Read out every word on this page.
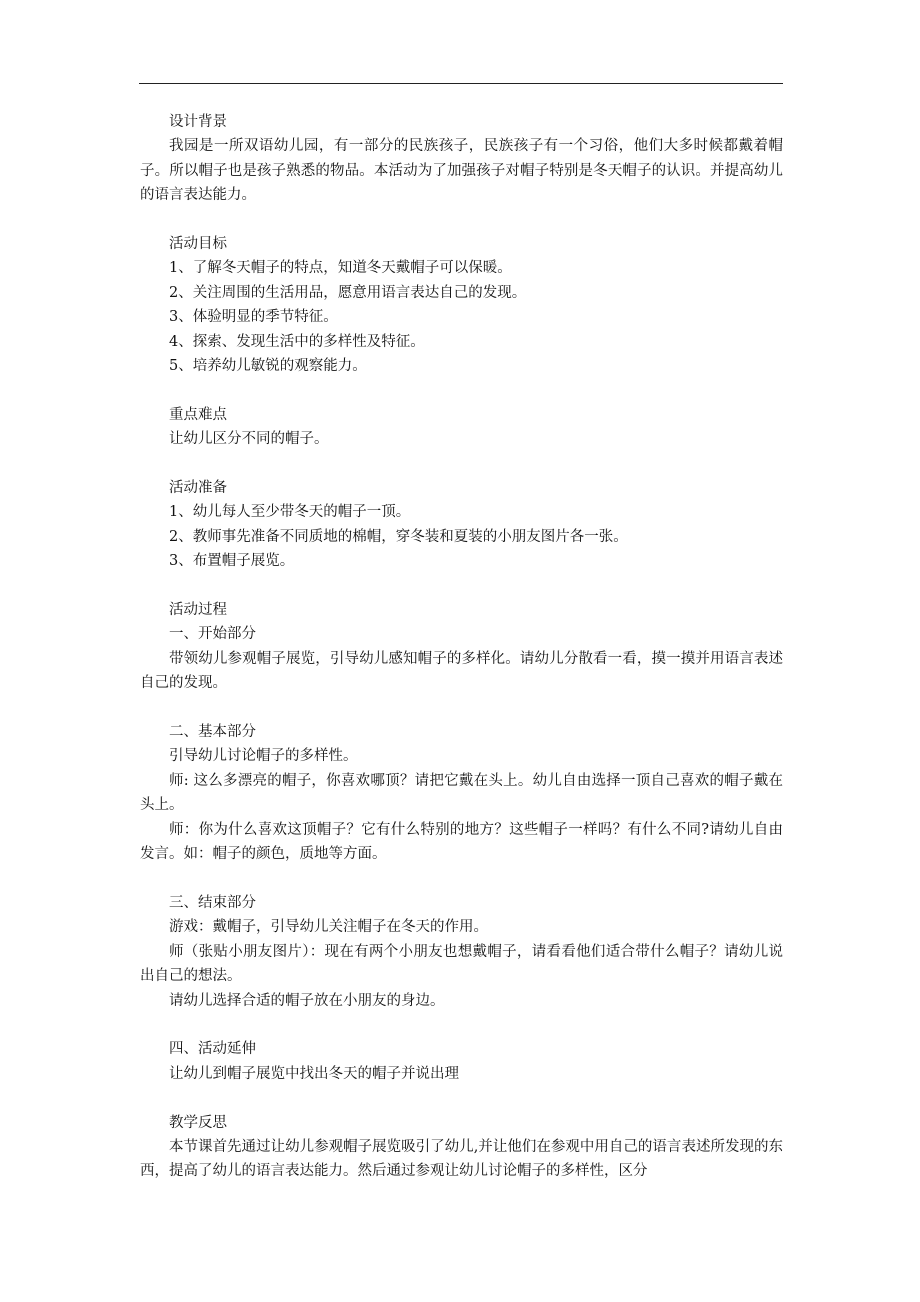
设计背景

我园是一所双语幼儿园，有一部分的民族孩子，民族孩子有一个习俗，他们大多时候都戴着帽子。所以帽子也是孩子熟悉的物品。本活动为了加强孩子对帽子特别是冬天帽子的认识。并提高幼儿的语言表达能力。

活动目标

1、了解冬天帽子的特点，知道冬天戴帽子可以保暖。

2、关注周围的生活用品，愿意用语言表达自己的发现。

3、体验明显的季节特征。

4、探索、发现生活中的多样性及特征。

5、培养幼儿敏锐的观察能力。

重点难点

让幼儿区分不同的帽子。

活动准备

1、幼儿每人至少带冬天的帽子一顶。

2、教师事先准备不同质地的棉帽，穿冬装和夏装的小朋友图片各一张。

3、布置帽子展览。

活动过程

一、开始部分

带领幼儿参观帽子展览，引导幼儿感知帽子的多样化。请幼儿分散看一看，摸一摸并用语言表述自己的发现。

二、基本部分

引导幼儿讨论帽子的多样性。

师: 这么多漂亮的帽子，你喜欢哪顶？请把它戴在头上。幼儿自由选择一顶自己喜欢的帽子戴在头上。

师：你为什么喜欢这顶帽子？它有什么特别的地方？这些帽子一样吗？有什么不同?请幼儿自由发言。如：帽子的颜色，质地等方面。

三、结束部分

游戏：戴帽子，引导幼儿关注帽子在冬天的作用。

师（张贴小朋友图片）：现在有两个小朋友也想戴帽子，请看看他们适合带什么帽子？请幼儿说出自己的想法。

请幼儿选择合适的帽子放在小朋友的身边。

四、活动延伸

让幼儿到帽子展览中找出冬天的帽子并说出理

教学反思

本节课首先通过让幼儿参观帽子展览吸引了幼儿,并让他们在参观中用自己的语言表述所发现的东西，提高了幼儿的语言表达能力。然后通过参观让幼儿讨论帽子的多样性，区分
